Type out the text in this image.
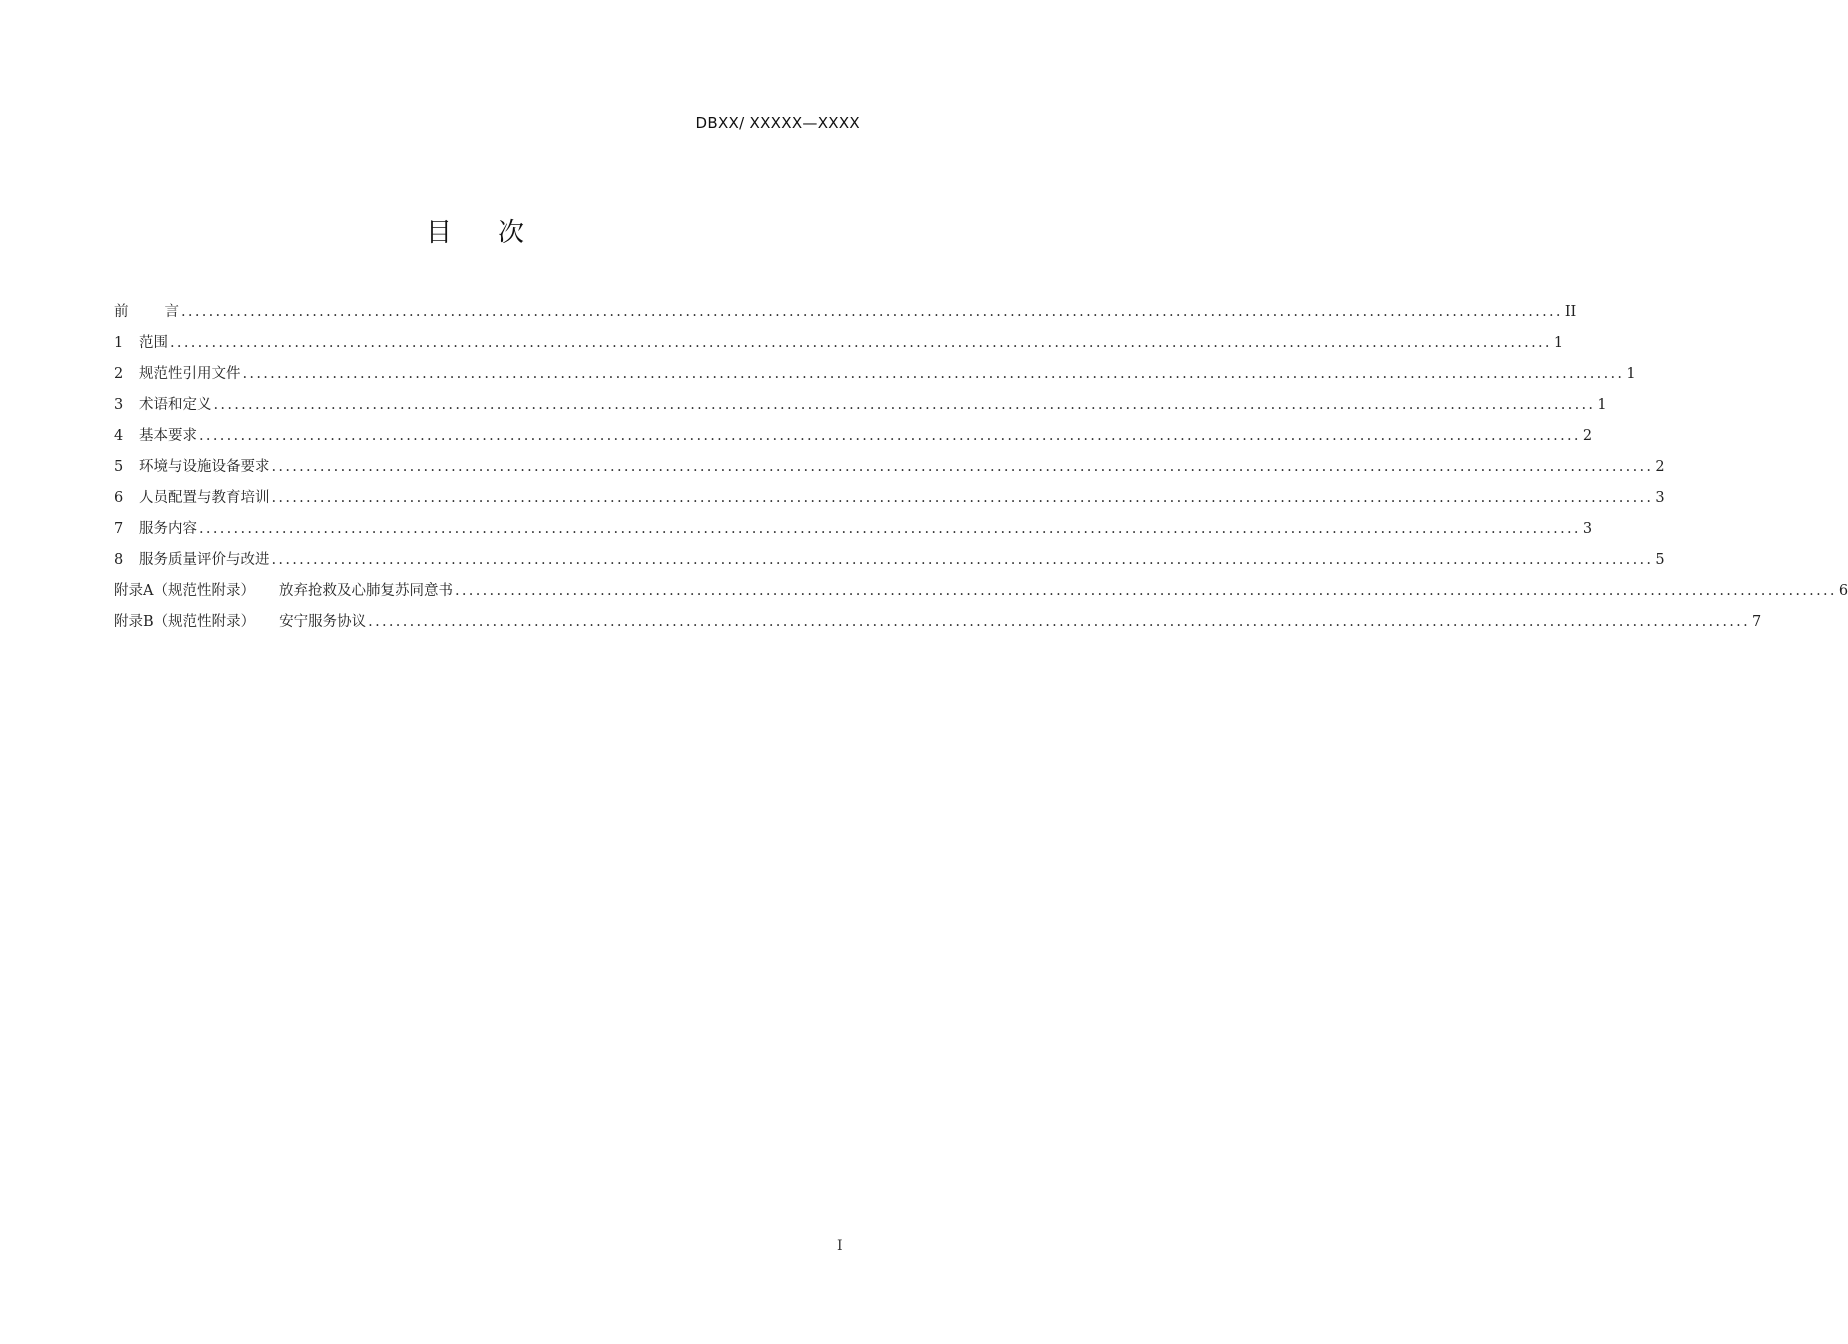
DBXX/ XXXXX—XXXX
目 次
前 言 ........................................................................................................................................................................................................ II
1	范围 ........................................................................................................................................................................................................ 1
2	规范性引用文件 ........................................................................................................................................................................................................ 1
3	术语和定义 ........................................................................................................................................................................................................ 1
4	基本要求 ........................................................................................................................................................................................................ 2
5	环境与设施设备要求 ........................................................................................................................................................................................................ 2
6	人员配置与教育培训 ........................................................................................................................................................................................................ 3
7	服务内容 ........................................................................................................................................................................................................ 3
8	服务质量评价与改进 ........................................................................................................................................................................................................ 5
附录A（规范性附录） 放弃抢救及心肺复苏同意书 ........................................................................................................................................................................................................ 6
附录B（规范性附录） 安宁服务协议 ........................................................................................................................................................................................................ 7
I
